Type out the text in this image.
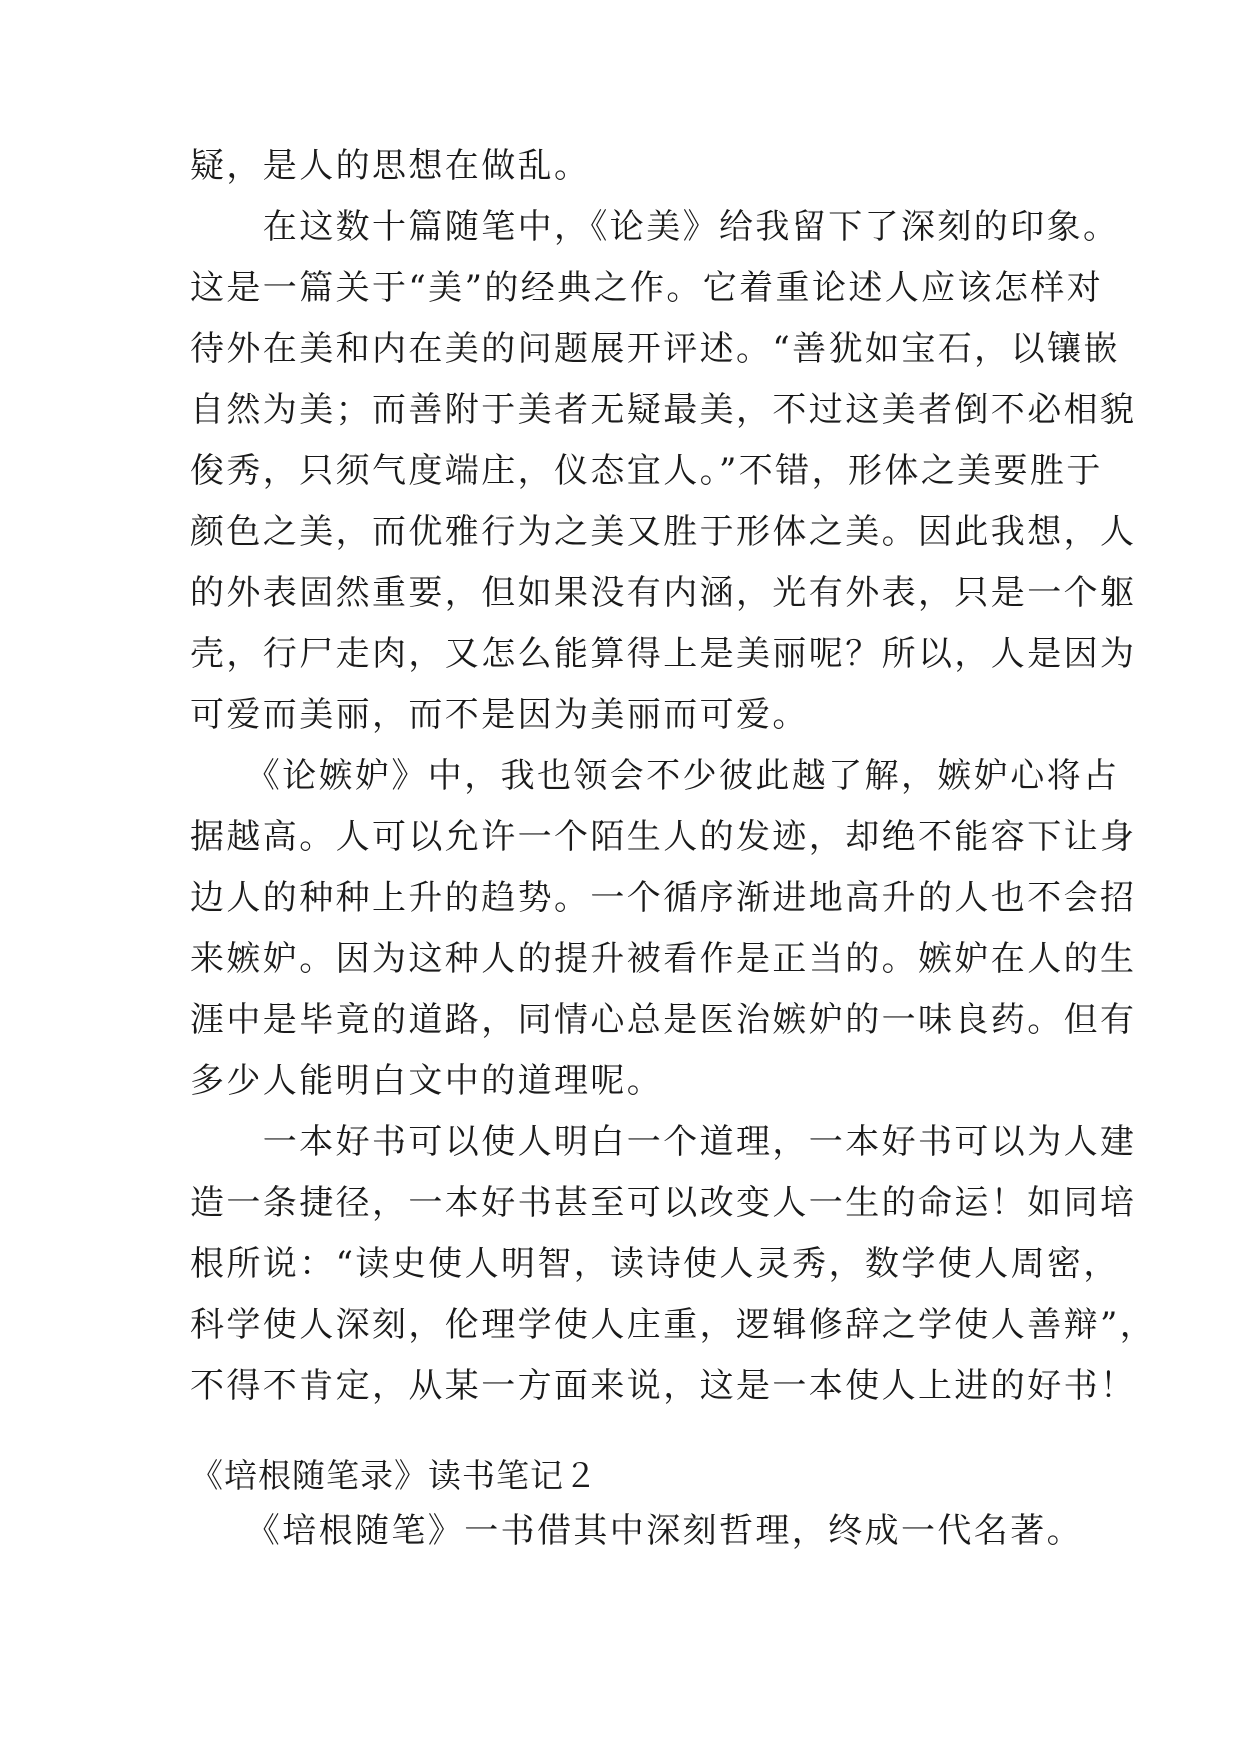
疑，是人的思想在做乱。
　　在这数十篇随笔中，《论美》给我留下了深刻的印象。
这是一篇关于“美”的经典之作。它着重论述人应该怎样对
待外在美和内在美的问题展开评述。“善犹如宝石，以镶嵌
自然为美；而善附于美者无疑最美，不过这美者倒不必相貌
俊秀，只须气度端庄，仪态宜人。”不错，形体之美要胜于
颜色之美，而优雅行为之美又胜于形体之美。因此我想，人
的外表固然重要，但如果没有内涵，光有外表，只是一个躯
壳，行尸走肉，又怎么能算得上是美丽呢？所以，人是因为
可爱而美丽，而不是因为美丽而可爱。
　　《论嫉妒》中，我也领会不少彼此越了解，嫉妒心将占
据越高。人可以允许一个陌生人的发迹，却绝不能容下让身
边人的种种上升的趋势。一个循序渐进地高升的人也不会招
来嫉妒。因为这种人的提升被看作是正当的。嫉妒在人的生
涯中是毕竟的道路，同情心总是医治嫉妒的一味良药。但有
多少人能明白文中的道理呢。
　　一本好书可以使人明白一个道理，一本好书可以为人建
造一条捷径，一本好书甚至可以改变人一生的命运！如同培
根所说：“读史使人明智，读诗使人灵秀，数学使人周密，
科学使人深刻，伦理学使人庄重，逻辑修辞之学使人善辩”，
不得不肯定，从某一方面来说，这是一本使人上进的好书！
《培根随笔录》读书笔记２
　　《培根随笔》一书借其中深刻哲理，终成一代名著。
